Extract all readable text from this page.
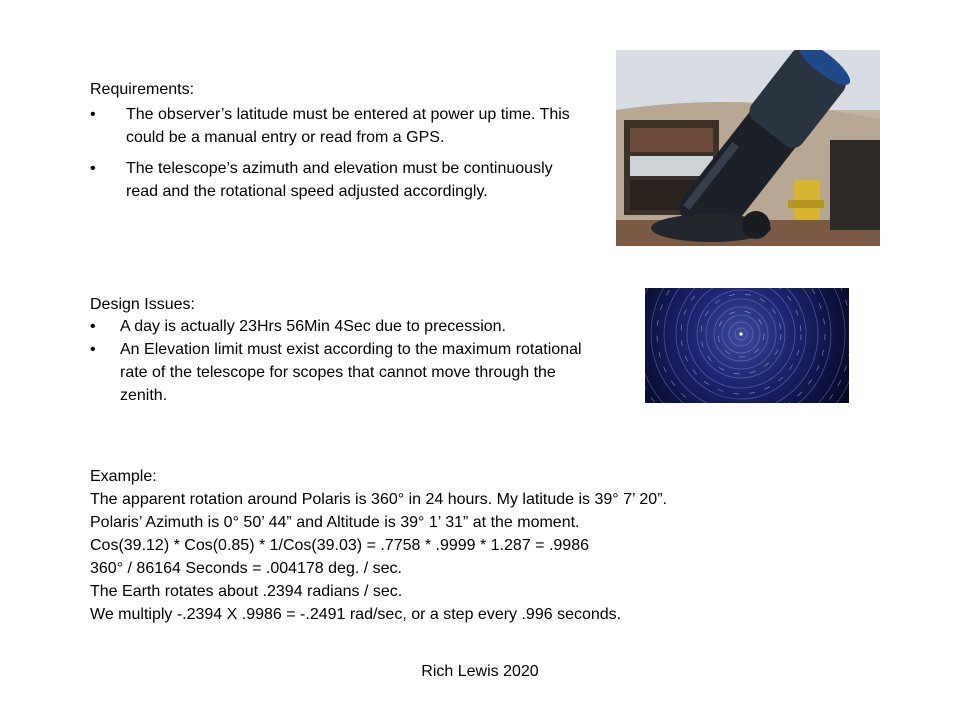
Requirements:
• The observer’s latitude must be entered at power up time. This could be a manual entry or read from a GPS.
• The telescope’s azimuth and elevation must be continuously read and the rotational speed adjusted accordingly.
Design Issues:
• A day is actually 23Hrs 56Min 4Sec due to precession.
• An Elevation limit must exist according to the maximum rotational rate of the telescope for scopes that cannot move through the zenith.
Example:
The apparent rotation around Polaris is 360° in 24 hours. My latitude is 39° 7’ 20”.
Polaris’ Azimuth is 0° 50’ 44” and Altitude is 39° 1’ 31” at the moment.
Cos(39.12) * Cos(0.85) * 1/Cos(39.03) = .7758 * .9999 * 1.287 = .9986
360° / 86164 Seconds = .004178 deg. / sec.
The Earth rotates about .2394 radians / sec.
We multiply -.2394 X .9986 = -.2491 rad/sec, or a step every .996 seconds.
Rich Lewis 2020
